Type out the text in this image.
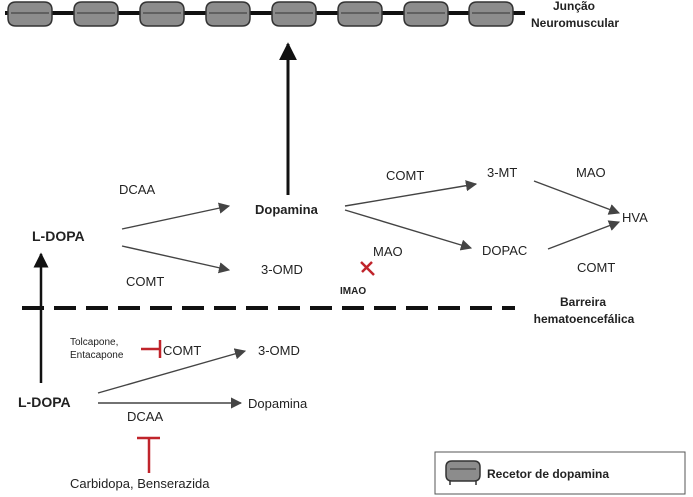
Junção
Neuromuscular
L-DOPA
DCAA
COMT
Dopamina
3-OMD
COMT	3-MT	MAO
HVA
DOPAC
COMT
MAO
IMAO
Barreira
hematoencefálica
Tolcapone,
Entacapone	COMT	3-OMD
L-DOPA
DCAA
Dopamina
Carbidopa, Benserazida
Recetor de dopamina
